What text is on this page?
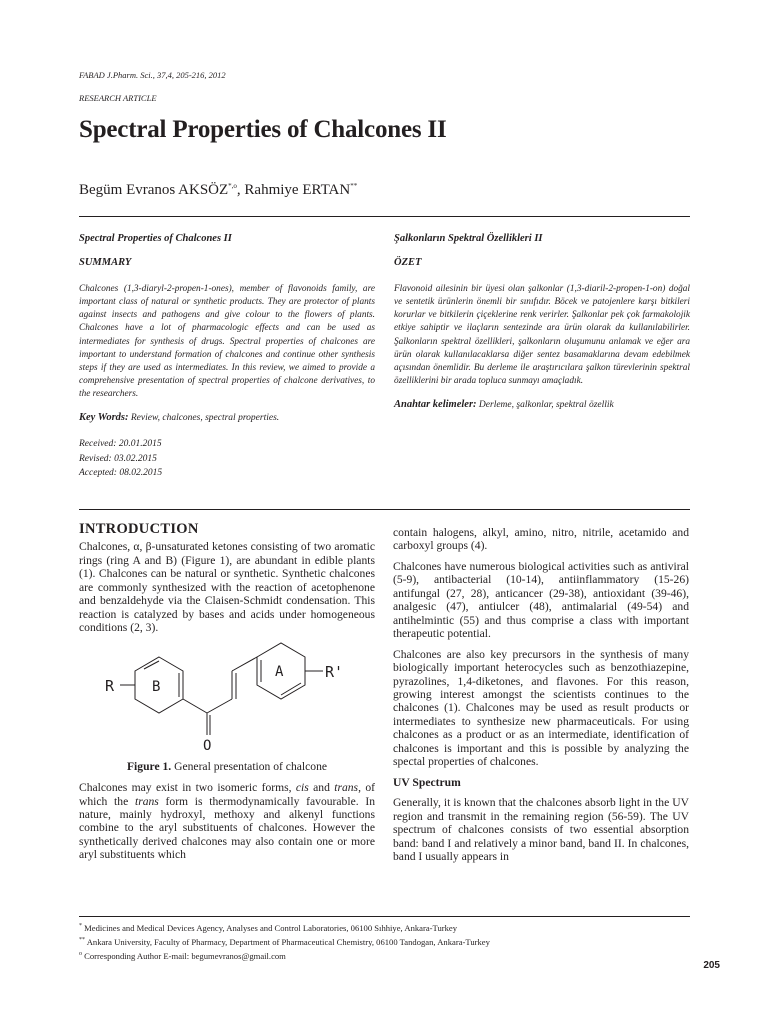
FABAD J.Pharm. Sci., 37,4, 205-216, 2012
RESEARCH ARTICLE
Spectral Properties of Chalcones II
Begüm Evranos $AKSÖZ^{*,o}$, Rahmiye ERTAN**
Spectral Properties of Chalcones II
SUMMARY
Chalcones (1,3-diaryl-2-propen-1-ones), member of flavonoids family, are important class of natural or synthetic products. They are protector of plants against insects and pathogens and give colour to the flowers of plants. Chalcones have a lot of pharmacologic effects and can be used as intermediates for synthesis of drugs. Spectral properties of chalcones are important to understand formation of chalcones and continue other synthesis steps if they are used as intermediates. In this review, we aimed to provide a comprehensive presentation of spectral properties of chalcone derivatives, to the researchers.
Key Words: Review, chalcones, spectral properties.
Received: 20.01.2015
Revised: 03.02.2015
Accepted: 08.02.2015
Şalkonların Spektral Özellikleri II
ÖZET
Flavonoid ailesinin bir üyesi olan şalkonlar (1,3-diaril-2-propen-1-on) doğal ve sentetik ürünlerin önemli bir sınıfıdır. Böcek ve patojenlere karşı bitkileri korurlar ve bitkilerin çiçeklerine renk verirler. Şalkonlar pek çok farmakolojik etkiye sahiptir ve ilaçların sentezinde ara ürün olarak da kullanılabilirler. Şalkonların spektral özellikleri, şalkonların oluşumunu anlamak ve eğer ara ürün olarak kullanılacaklarsa diğer sentez basamaklarına devam edebilmek açısından önemlidir. Bu derleme ile araştırıcılara şalkon türevlerinin spektral özelliklerini bir arada topluca sunmayı amaçladık.
Anahtar kelimeler: Derleme, şalkonlar, spektral özellik
INTRODUCTION

Chalcones, α, β-unsaturated ketones consisting of two aromatic rings (ring A and B) (Figure 1), are abundant in edible plants (1). Chalcones can be natural or synthetic. Synthetic chalcones are commonly synthesized with the reaction of acetophenone and benzaldehyde via the Claisen-Schmidt condensation. This reaction is catalyzed by bases and acids under homogeneous conditions (2, 3).

R	B
A	R'
O
Figure 1. General presentation of chalcone

Chalcones may exist in two isomeric forms, cis and trans, of which the trans form is thermodynamically favourable. In nature, mainly hydroxyl, methoxy and alkenyl functions combine to the aryl substituents of chalcones. However the synthetically derived chalcones may also contain one or more aryl substituents which

contain halogens, alkyl, amino, nitro, nitrile, acetamido and carboxyl groups (4).

Chalcones have numerous biological activities such as antiviral (5-9), antibacterial (10-14), antiinflammatory (15-26) antifungal (27, 28), anticancer (29-38), antioxidant (39-46), analgesic (47), antiulcer (48), antimalarial (49-54) and antihelmintic (55) and thus comprise a class with important therapeutic potential.

Chalcones are also key precursors in the synthesis of many biologically important heterocycles such as benzothiazepine, pyrazolines, 1,4-diketones, and flavones. For this reason, growing interest amongst the scientists continues to the chalcones (1). Chalcones may be used as result products or intermediates to synthesize new pharmaceuticals. For using chalcones as a product or as an intermediate, identification of chalcones is important and this is possible by analyzing the spectal properties of chalcones.

UV Spectrum

Generally, it is known that the chalcones absorb light in the UV region and transmit in the remaining region (56-59). The UV spectrum of chalcones consists of two essential absorption band: band I and relatively a minor band, band II. In chalcones, band I usually appears in

* Medicines and Medical Devices Agency, Analyses and Control Laboratories, 06100 Sıhhiye, Ankara-Turkey
** Ankara University, Faculty of Pharmacy, Department of Pharmaceutical Chemistry, 06100 Tandogan, Ankara-Turkey
$^o$ Corresponding Author E-mail: begumevranos@gmail.com
205
